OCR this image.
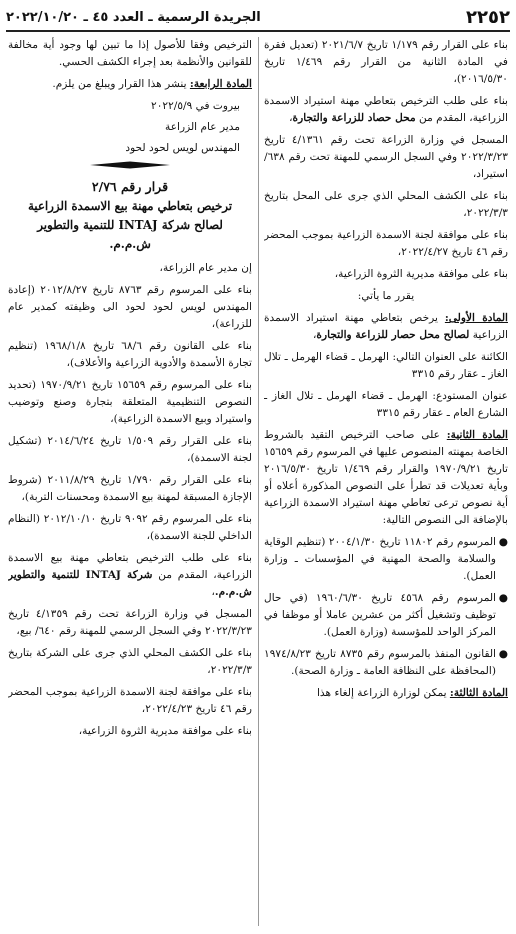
٢٢٥٢
الجريدة الرسمية ـ العدد ٤٥ ـ ٢٠٢٢/١٠/٢٠

بناء على القرار رقم ١/١٧٩ تاريخ ٢٠٢١/٦/٧ (تعديل فقرة في المادة الثانية من القرار رقم ١/٤٦٩ تاريخ ٢٠١٦/٥/٣٠)،

بناء على طلب الترخيص بتعاطي مهنة استيراد الاسمدة الزراعية، المقدم من محل حصاد للزراعة والتجارة،

المسجل في وزارة الزراعة تحت رقم ٤/١٣٦١ تاريخ ٢٠٢٢/٣/٢٣ وفي السجل الرسمي للمهنة تحت رقم ٦٣٨/استيراد،

بناء على الكشف المحلي الذي جرى على المحل بتاريخ ٢٠٢٢/٣/٣،

بناء على موافقة لجنة الاسمدة الزراعية بموجب المحضر رقم ٤٦ تاريخ ٢٠٢٢/٤/٢٧،

بناء على موافقة مديرية الثروة الزراعية،

يقرر ما يأتي:

المادة الأولى: يرخص بتعاطي مهنة استيراد الاسمدة الزراعية لصالح محل حصار للزراعة والتجارة،

الكائنة على العنوان التالي: الهرمل ـ قضاء الهرمل ـ تلال الغاز ـ عقار رقم ٣٣١٥

عنوان المستودع: الهرمل ـ قضاء الهرمل ـ تلال الغاز ـ الشارع العام ـ عقار رقم ٣٣١٥

المادة الثانية: على صاحب الترخيص التقيد بالشروط الخاصة بمهنته المنصوص عليها في المرسوم رقم ١٥٦٥٩ تاريخ ١٩٧٠/٩/٢١ والقرار رقم ١/٤٦٩ تاريخ ٢٠١٦/٥/٣٠ وبأية تعديلات قد تطرأ على النصوص المذكورة أعلاه أو أية نصوص ترعى تعاطي مهنة استيراد الاسمدة الزراعية بالإضافة الى النصوص التالية:

●
المرسوم رقم ١١٨٠٢ تاريخ ٢٠٠٤/١/٣٠ (تنظيم الوقاية والسلامة والصحة المهنية في المؤسسات ـ وزارة العمل).
●
المرسوم رقم ٤٥٦٨ تاريخ ١٩٦٠/٦/٣٠ (في حال توظيف وتشغيل أكثر من عشرين عاملا أو موظفا في المركز الواحد للمؤسسة (وزارة العمل).
●
القانون المنفذ بالمرسوم رقم ٨٧٣٥ تاريخ ١٩٧٤/٨/٢٣ (المحافظة على النظافة العامة ـ وزارة الصحة).

المادة الثالثة: يمكن لوزارة الزراعة إلغاء هذا

الترخيص وفقا للأصول إذا ما تبين لها وجود أية مخالفة للقوانين والأنظمة بعد إجراء الكشف الحسي.

المادة الرابعة: ينشر هذا القرار ويبلغ من يلزم.

بيروت في ٢٠٢٢/٥/٩

مدير عام الزراعة

المهندس لويس لحود لحود

قرار رقم ٢/٧٦

ترخيص بتعاطي مهنة بيع الاسمدة الزراعية

لصالح شركة INTAJ للتنمية والتطوير

ش.م.م.

إن مدير عام الزراعة،

بناء على المرسوم رقم ٨٧٦٣ تاريخ ٢٠١٢/٨/٢٧ (إعادة المهندس لويس لحود لحود الى وظيفته كمدير عام للزراعة)،

بناء على القانون رقم ٦٨/٦ تاريخ ١٩٦٨/١/٨ (تنظيم تجارة الأسمدة والأدوية الزراعية والأعلاف)،

بناء على المرسوم رقم ١٥٦٥٩ تاريخ ١٩٧٠/٩/٢١ (تحديد النصوص التنظيمية المتعلقة بتجارة وصنع وتوضيب واستيراد وبيع الاسمدة الزراعية)،

بناء على القرار رقم ١/٥٠٩ تاريخ ٢٠١٤/٦/٢٤ (تشكيل لجنة الاسمدة)،

بناء على القرار رقم ١/٧٩٠ تاريخ ٢٠١١/٨/٢٩ (شروط الإجازة المسبقة لمهنة بيع الاسمدة ومحسنات التربة)،

بناء على المرسوم رقم ٩٠٩٢ تاريخ ٢٠١٢/١٠/١٠ (النظام الداخلي للجنة الاسمدة)،

بناء على طلب الترخيص بتعاطي مهنة بيع الاسمدة الزراعية، المقدم من شركة INTAJ للتنمية والتطوير ش.م.م.،

المسجل في وزارة الزراعة تحت رقم ٤/١٣٥٩ تاريخ ٢٠٢٢/٣/٢٣ وفي السجل الرسمي للمهنة رقم ٦٤٠/ بيع،

بناء على الكشف المحلي الذي جرى على الشركة بتاريخ ٢٠٢٢/٣/٣،

بناء على موافقة لجنة الاسمدة الزراعية بموجب المحضر رقم ٤٦ تاريخ ٢٠٢٢/٤/٢٣،

بناء على موافقة مديرية الثروة الزراعية،
